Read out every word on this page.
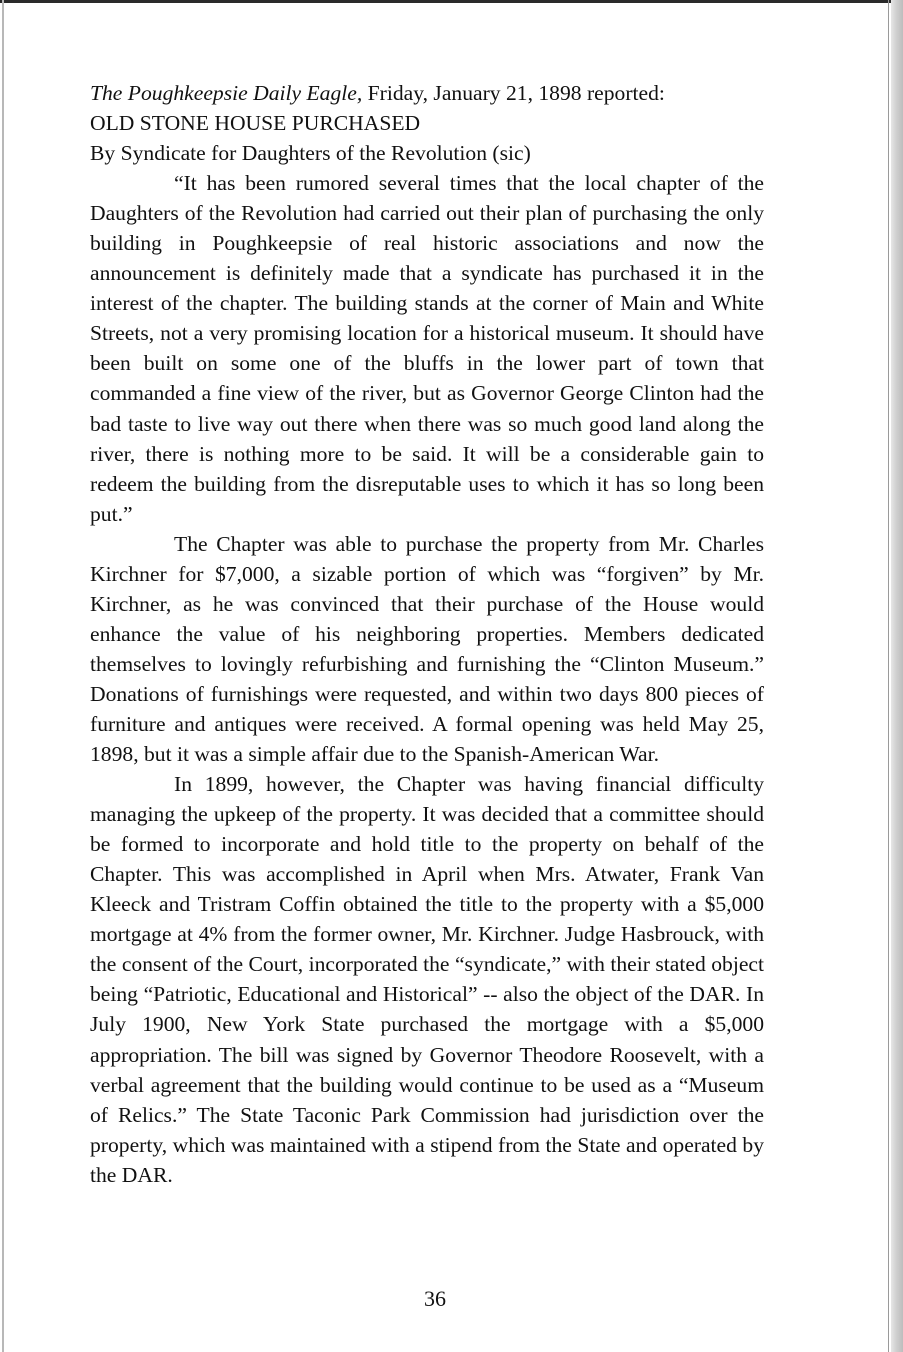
The Poughkeepsie Daily Eagle, Friday, January 21, 1898 reported:

OLD STONE HOUSE PURCHASED

By Syndicate for Daughters of the Revolution (sic)

“It has been rumored several times that the local chapter of the Daughters of the Revolution had carried out their plan of purchasing the only building in Poughkeepsie of real historic associations and now the announcement is definitely made that a syndicate has purchased it in the interest of the chapter. The building stands at the corner of Main and White Streets, not a very promising location for a historical museum. It should have been built on some one of the bluffs in the lower part of town that commanded a fine view of the river, but as Governor George Clinton had the bad taste to live way out there when there was so much good land along the river, there is nothing more to be said. It will be a considerable gain to redeem the building from the disreputable uses to which it has so long been put.”

The Chapter was able to purchase the property from Mr. Charles Kirchner for $7,000, a sizable portion of which was “forgiven” by Mr. Kirchner, as he was convinced that their purchase of the House would enhance the value of his neighboring properties. Members dedicated themselves to lovingly refurbishing and furnishing the “Clinton Museum.” Donations of furnishings were requested, and within two days 800 pieces of furniture and antiques were received. A formal opening was held May 25, 1898, but it was a simple affair due to the Spanish-American War.

In 1899, however, the Chapter was having financial difficulty managing the upkeep of the property. It was decided that a committee should be formed to incorporate and hold title to the property on behalf of the Chapter. This was accomplished in April when Mrs. Atwater, Frank Van Kleeck and Tristram Coffin obtained the title to the property with a $5,000 mortgage at 4% from the former owner, Mr. Kirchner. Judge Hasbrouck, with the consent of the Court, incorporated the “syndicate,” with their stated object being “Patriotic, Educational and Historical” -- also the object of the DAR. In July 1900, New York State purchased the mortgage with a $5,000 appropriation. The bill was signed by Governor Theodore Roosevelt, with a verbal agreement that the building would continue to be used as a “Museum of Relics.” The State Taconic Park Commission had jurisdiction over the property, which was maintained with a stipend from the State and operated by the DAR.

36
